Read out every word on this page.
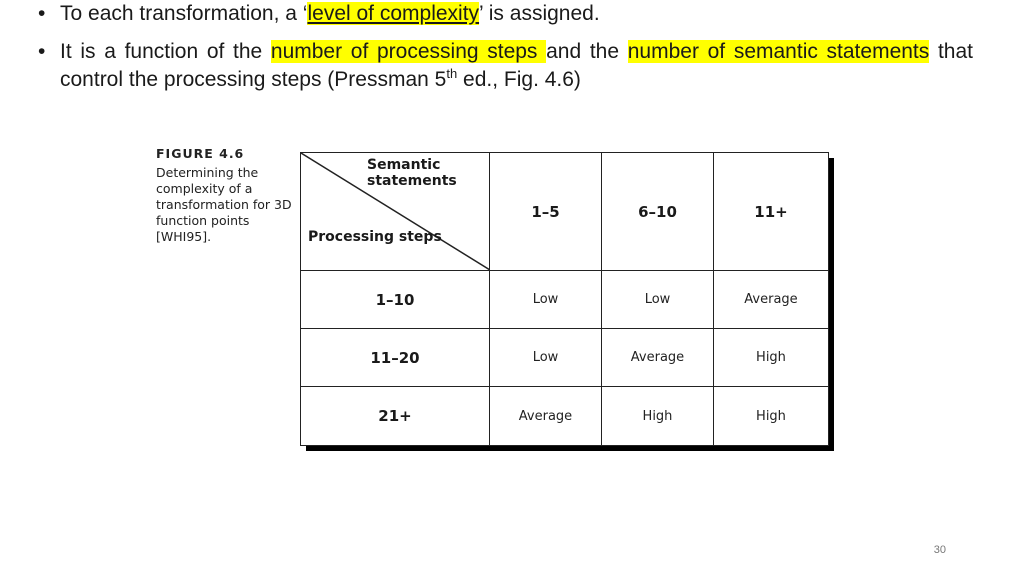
• To each transformation, a ‘level of complexity’ is assigned.
• It is a function of the number of processing steps and the number of semantic statements that control the processing steps (Pressman 5th ed., Fig. 4.6)
FIGURE 4.6
Determining the complexity of a transformation for 3D function points [WHI95].
Semantic statements
Processing steps	1–5	6–10	11+
1–10	Low	Low	Average
11–20	Low	Average	High
21+	Average	High	High
30
